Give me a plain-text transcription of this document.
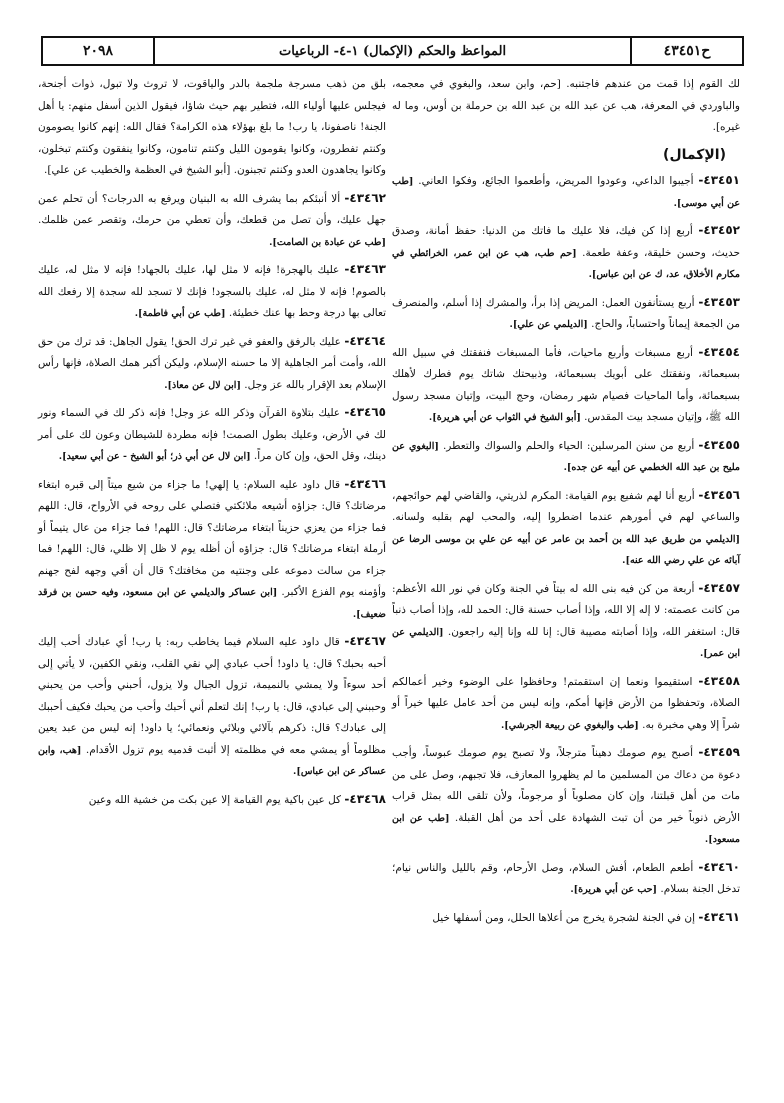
٢٠٩٨	المواعظ والحكم (الإكمال) ١-٤- الرباعيات	ح٤٣٤٥١

لك القوم إذا قمت من عندهم فاجتنبه. [حم، وابن سعد، والبغوي في معجمه، والباوردي في المعرفة، هب عن عبد الله بن عبد الله بن حرملة بن أوس، وما له غيره].

(الإكمال)

٤٣٤٥١- أجيبوا الداعي، وعودوا المريض، وأطعموا الجائع، وفكوا العاني. [طب عن أبي موسى].

٤٣٤٥٢- أربع إذا كن فيك، فلا عليك ما فاتك من الدنيا: حفظ أمانة، وصدق حديث، وحسن خليقة، وعفة طعمة. [حم طب، هب عن ابن عمر، الخرائطي في مكارم الأخلاق، عد، ك عن ابن عباس].

٤٣٤٥٣- أربع يستأنفون العمل: المريض إذا برأ، والمشرك إذا أسلم، والمنصرف من الجمعة إيماناً واحتساباً، والحاج. [الديلمي عن علي].

٤٣٤٥٤- أربع مسبغات وأربع ماحيات، فأما المسبغات فنفقتك في سبيل الله بسبعمائة، ونفقتك على أبويك بسبعمائة، وذبيحتك شاتك يوم فطرك لأهلك بسبعمائة، وأما الماحيات فصيام شهر رمضان، وحج البيت، وإتيان مسجد رسول الله ﷺ، وإتيان مسجد بيت المقدس. [أبو الشيخ في الثواب عن أبي هريرة].

٤٣٤٥٥- أربع من سنن المرسلين: الحياء والحلم والسواك والتعطر. [البغوي عن مليح بن عبد الله الخطمي عن أبيه عن جده].

٤٣٤٥٦- أربع أنا لهم شفيع يوم القيامة: المكرم لذريتي، والقاضي لهم حوائجهم، والساعي لهم في أمورهم عندما اضطروا إليه، والمحب لهم بقلبه ولسانه. [الديلمي من طريق عبد الله بن أحمد بن عامر عن أبيه عن علي بن موسى الرضا عن آبائه عن علي رضي الله عنه].

٤٣٤٥٧- أربعة من كن فيه بنى الله له بيتاً في الجنة وكان في نور الله الأعظم: من كانت عصمته: لا إله إلا الله، وإذا أصاب حسنة قال: الحمد لله، وإذا أصاب ذنباً قال: استغفر الله، وإذا أصابته مصيبة قال: إنا لله وإنا إليه راجعون. [الديلمي عن ابن عمر].

٤٣٤٥٨- استقيموا ونعما إن استقمتم! وحافظوا على الوضوء وخير أعمالكم الصلاة، وتحفظوا من الأرض فإنها أمكم، وإنه ليس من أحد عامل عليها خيراً أو شراً إلا وهي مخبرة به. [طب والبغوي عن ربيعة الجرشي].

٤٣٤٥٩- أصبح يوم صومك دهيناً مترجلاً، ولا تصبح يوم صومك عبوساً، وأجب دعوة من دعاك من المسلمين ما لم يظهروا المعازف، فلا تجبهم، وصل على من مات من أهل قبلتنا، وإن كان مصلوباً أو مرجوماً، ولأن تلقى الله بمثل قراب الأرض ذنوباً خير من أن تبت الشهادة على أحد من أهل القبلة. [طب عن ابن مسعود].

٤٣٤٦٠- أطعم الطعام، أفش السلام، وصل الأرحام، وقم بالليل والناس نيام؛ تدخل الجنة بسلام. [حب عن أبي هريرة].

٤٣٤٦١- إن في الجنة لشجرة يخرج من أعلاها الحلل، ومن أسفلها خيل

بلق من ذهب مسرجة ملجمة بالدر والياقوت، لا تروث ولا تبول، ذوات أجنحة، فيجلس عليها أولياء الله، فتطير بهم حيث شاؤا، فيقول الذين أسفل منهم: يا أهل الجنة! ناصفونا، يا رب! ما بلغ بهؤلاء هذه الكرامة؟ فقال الله: إنهم كانوا يصومون وكنتم تفطرون، وكانوا يقومون الليل وكنتم تنامون، وكانوا ينفقون وكنتم تبخلون، وكانوا يجاهدون العدو وكنتم تجبنون. [أبو الشيخ في العظمة والخطيب عن علي].

٤٣٤٦٢- ألا أنبئكم بما يشرف الله به البنيان ويرفع به الدرجات؟ أن تحلم عمن جهل عليك، وأن تصل من قطعك، وأن تعطي من حرمك، وتقصر عمن ظلمك. [طب عن عبادة بن الصامت].

٤٣٤٦٣- عليك بالهجرة! فإنه لا مثل لها، عليك بالجهاد! فإنه لا مثل له، عليك بالصوم! فإنه لا مثل له، عليك بالسجود! فإنك لا تسجد لله سجدة إلا رفعك الله تعالى بها درجة وحط بها عنك خطيئة. [طب عن أبي فاطمة].

٤٣٤٦٤- عليك بالرفق والعفو في غير ترك الحق! يقول الجاهل: قد ترك من حق الله، وأمت أمر الجاهلية إلا ما حسنه الإسلام، وليكن أكبر همك الصلاة، فإنها رأس الإسلام بعد الإقرار بالله عز وجل. [ابن لال عن معاذ].

٤٣٤٦٥- عليك بتلاوة القرآن وذكر الله عز وجل! فإنه ذكر لك في السماء ونور لك في الأرض، وعليك بطول الصمت! فإنه مطردة للشيطان وعون لك على أمر دينك، وقل الحق، وإن كان مراً. [ابن لال عن أبي ذر؛ أبو الشيخ - عن أبي سعيد].

٤٣٤٦٦- قال داود عليه السلام: يا إلهي! ما جزاء من شيع ميتاً إلى قبره ابتغاء مرضاتك؟ قال: جزاؤه أشيعه ملائكتي فتصلي على روحه في الأرواح، قال: اللهم فما جزاء من يعزي حزيناً ابتغاء مرضاتك؟ قال: اللهم! فما جزاء من عال يتيماً أو أرملة ابتغاء مرضاتك؟ قال: جزاؤه أن أظله يوم لا ظل إلا ظلي، قال: اللهم! فما جزاء من سالت دموعه على وجنتيه من مخافتك؟ قال أن أقي وجهه لفح جهنم وأؤمنه يوم الفزع الأكبر. [ابن عساكر والديلمي عن ابن مسعود، وفيه حسن بن فرقد ضعيف].

٤٣٤٦٧- قال داود عليه السلام فيما يخاطب ربه: يا رب! أي عبادك أحب إليك أحبه بحبك؟ قال: يا داود! أحب عبادي إلي نقي القلب، ونقي الكفين، لا يأتي إلى أحد سوءاً ولا يمشي بالنميمة، تزول الجبال ولا يزول، أحبني وأحب من يحبني وحببني إلى عبادي، قال: يا رب! إنك لتعلم أني أحبك وأحب من يحبك فكيف أحببك إلى عبادك؟ قال: ذكرهم بآلائي وبلائي ونعمائي؛ يا داود! إنه ليس من عبد يعين مظلوماً أو يمشي معه في مظلمته إلا أثبت قدميه يوم تزول الأقدام. [هب، وابن عساكر عن ابن عباس].

٤٣٤٦٨- كل عين باكية يوم القيامة إلا عين بكت من خشية الله وعين
